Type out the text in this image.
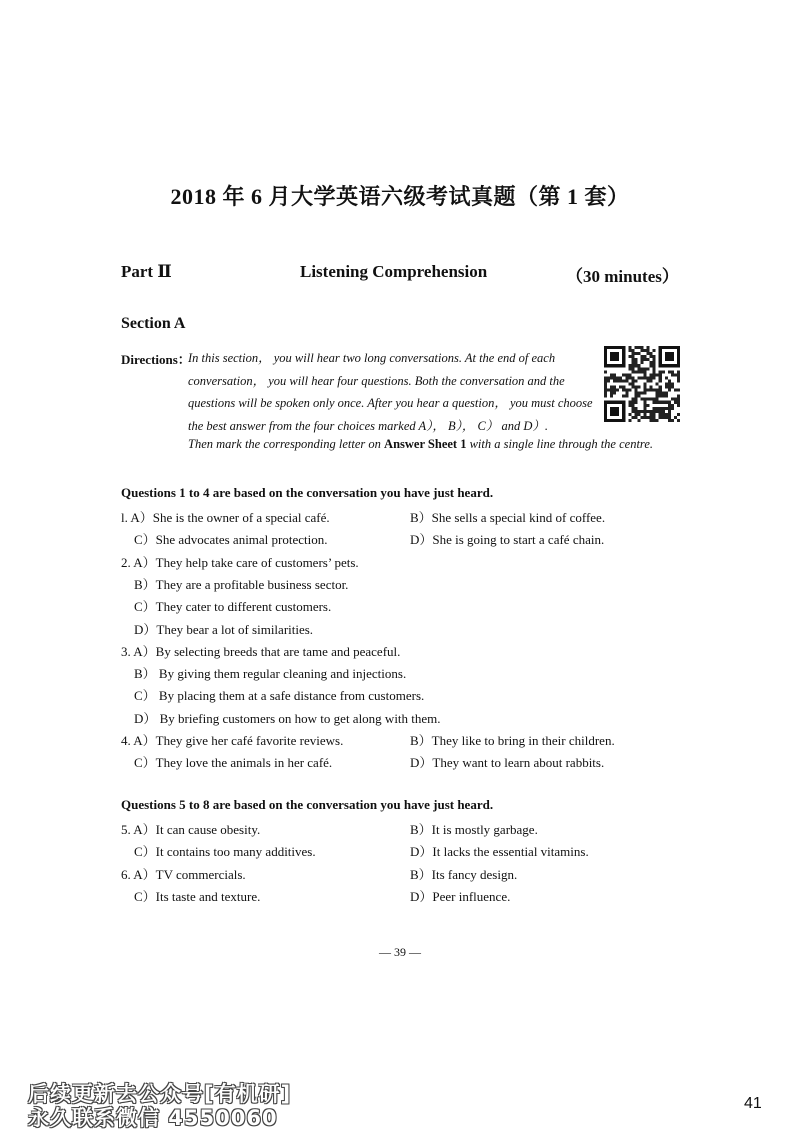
2018 年 6 月大学英语六级考试真题（第 1 套）
Part Ⅱ	Listening Comprehension	（30 minutes）
Section A
Directions：
In this section， you will hear two long conversations. At the end of each conversation， you will hear four questions. Both the conversation and the questions will be spoken only once. After you hear a question， you must choose the best answer from the four choices marked A）， B）， C） and D）.
Then mark the corresponding letter on Answer Sheet 1 with a single line through the centre.
Questions 1 to 4 are based on the conversation you have just heard.
l. A）She is the owner of a special café.	B）She sells a special kind of coffee.
C）She advocates animal protection.	D）She is going to start a café chain.
2. A）They help take care of customers’ pets.
B）They are a profitable business sector.
C）They cater to different customers.
D）They bear a lot of similarities.
3. A）By selecting breeds that are tame and peaceful.
B） By giving them regular cleaning and injections.
C） By placing them at a safe distance from customers.
D） By briefing customers on how to get along with them.
4. A）They give her café favorite reviews.	B）They like to bring in their children.
C）They love the animals in her café.	D）They want to learn about rabbits.
Questions 5 to 8 are based on the conversation you have just heard.
5. A）It can cause obesity.	B）It is mostly garbage.
C）It contains too many additives.	D）It lacks the essential vitamins.
6. A）TV commercials.	B）Its fancy design.
C）Its taste and texture.	D）Peer influence.
— 39 —
后续更新去公众号[有机研]
永久联系微信 4550060
41
